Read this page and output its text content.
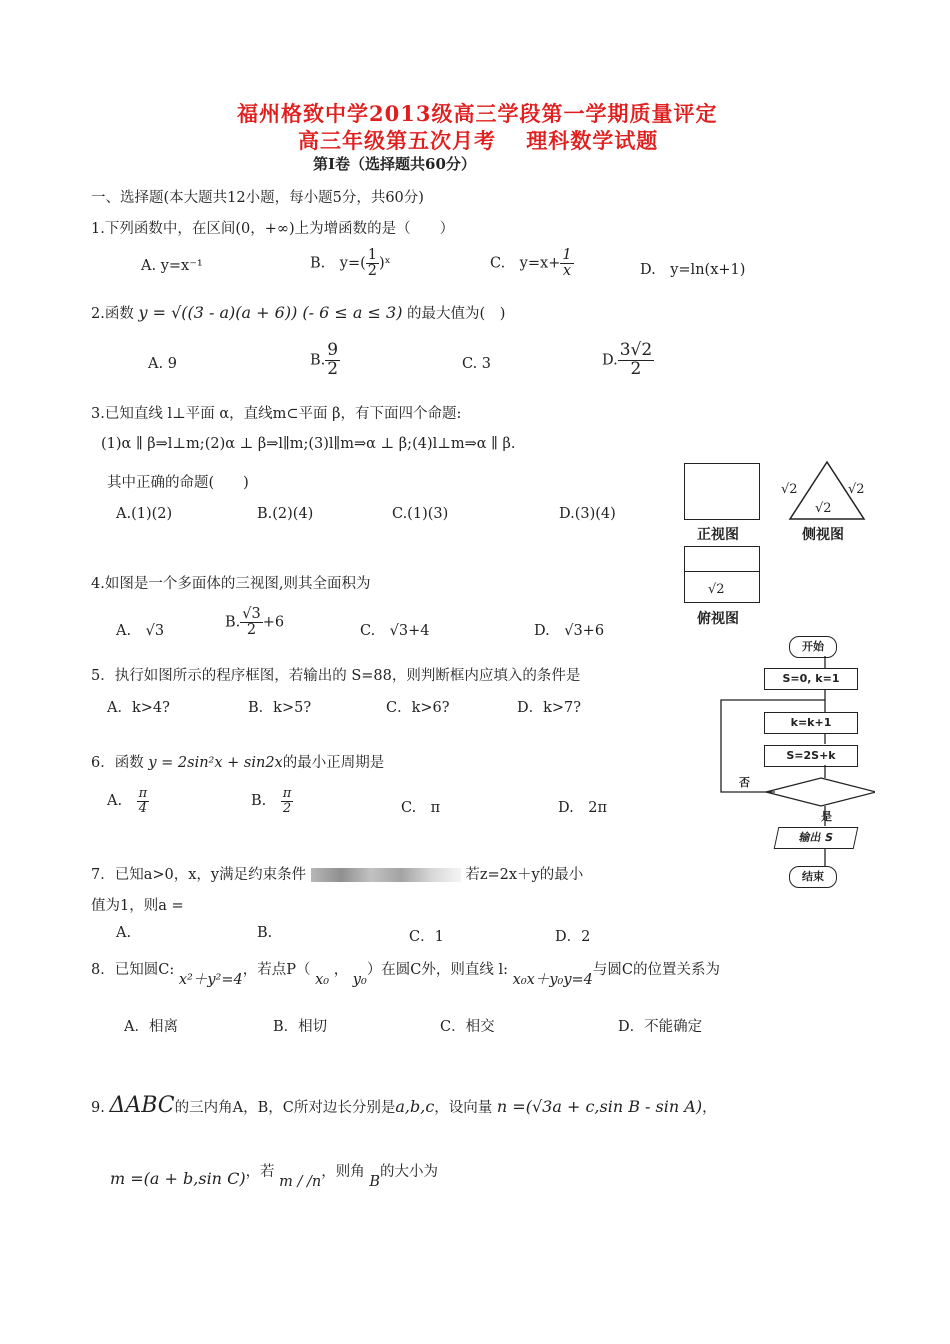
福州格致中学2013级高三学段第一学期质量评定
高三年级第五次月考　 理科数学试题
第Ⅰ卷（选择题共60分）
一、选择题(本大题共12小题，每小题5分，共60分)
1.下列函数中，在区间(0，+∞)上为增函数的是（　　）
A. y=x⁻¹	B.　$y=( \frac{1}{2}$ )ˣ	C.　$y=x+ \frac{1}{x}$	D.　y=ln(x+1)
2.函数 y = √((3 - a)(a + 6)) (- 6 ≤ a ≤ 3) 的最大值为(　)
A. 9	B. $\frac{9}{2}$	C. 3	D. $\frac{3√2}{2}$
3.已知直线 l⊥平面 α，直线m⊂平面 β，有下面四个命题:
(1)α ∥ β⇒l⊥m;(2)α ⊥ β⇒l∥m;(3)l∥m⇒α ⊥ β;(4)l⊥m⇒α ∥ β.
其中正确的命题(　　)
A.(1)(2)	B.(2)(4)	C.(1)(3)	D.(3)(4)
正视图
√2	√2
√2
侧视图
√2
俯视图
4.如图是一个多面体的三视图,则其全面积为
A.　√3
B. $\frac{√3}{2} +6$
C.　√3+4	D.　√3+6
开始
S=0, k=1
k=k+1
S=2S+k
否
是
输出 S
结束
5．执行如图所示的程序框图，若输出的 S=88，则判断框内应填入的条件是
A．k>4?	B．k>5?	C．k>6?	D．k>7?
6．函数 y = 2sin²x + sin2x的最小正周期是
A.　 $\frac{\pi}{4}$	B.　 $\frac{\pi}{2}$	C.　π	D.　2π
7．已知a>0，x，y满足约束条件	若z=2x＋y的最小
值为1，则a =
A.	B.	C．1	D．2
8．已知圆C: x²＋y²=4，若点P（ x₀ ， y₀）在圆C外，则直线 l: x₀x＋y₀y=4与圆C的位置关系为
A．相离	B．相切	C．相交	D．不能确定
9. ΔABC的三内角A，B，C所对边长分别是a,b,c，设向量 n =(√3a + c,sin B - sin A)，
m =(a + b,sin C)，若 m / /n，则角 B的大小为
